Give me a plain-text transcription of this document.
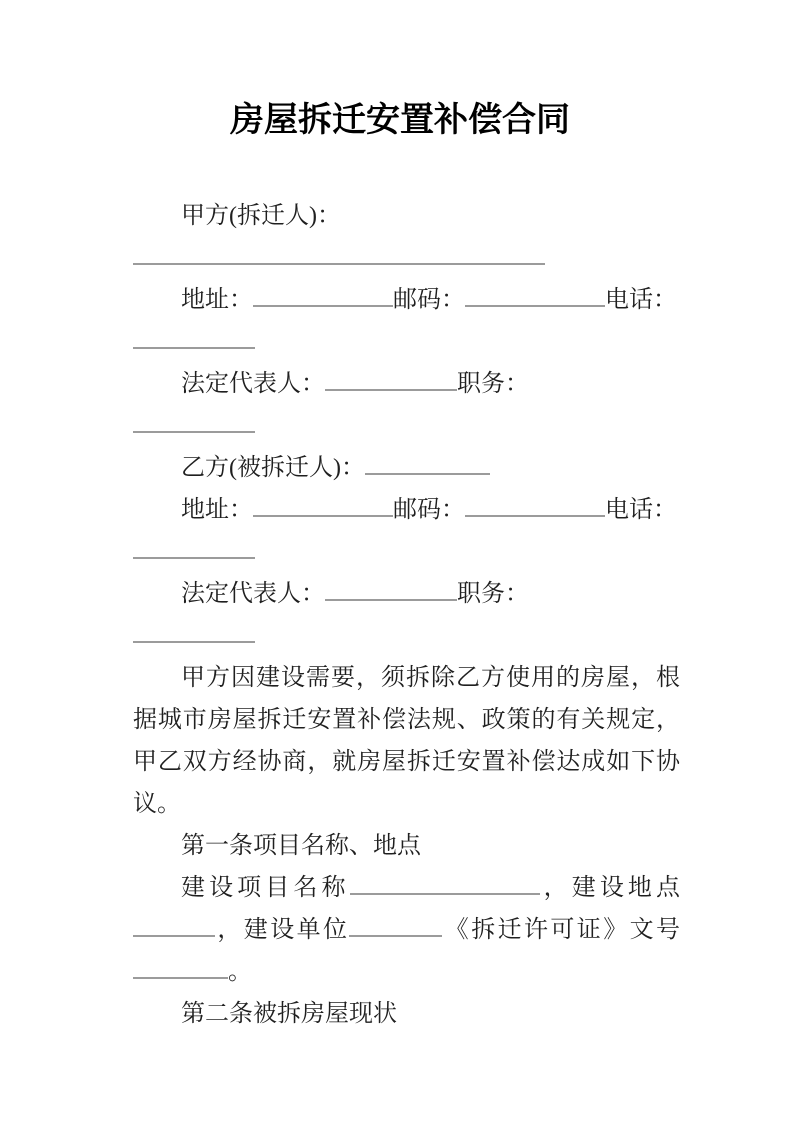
房屋拆迁安置补偿合同
甲方(拆迁人)：
地址：	邮码：	电话：
法定代表人：	职务：
乙方(被拆迁人)：
地址：	邮码：	电话：
法定代表人：	职务：
甲方因建设需要，须拆除乙方使用的房屋，根
据城市房屋拆迁安置补偿法规、政策的有关规定，
甲乙双方经协商，就房屋拆迁安置补偿达成如下协
议。
第一条项目名称、地点
建设项目名称	，建设地点
，建设单位	《拆迁许可证》文号
。
第二条被拆房屋现状
